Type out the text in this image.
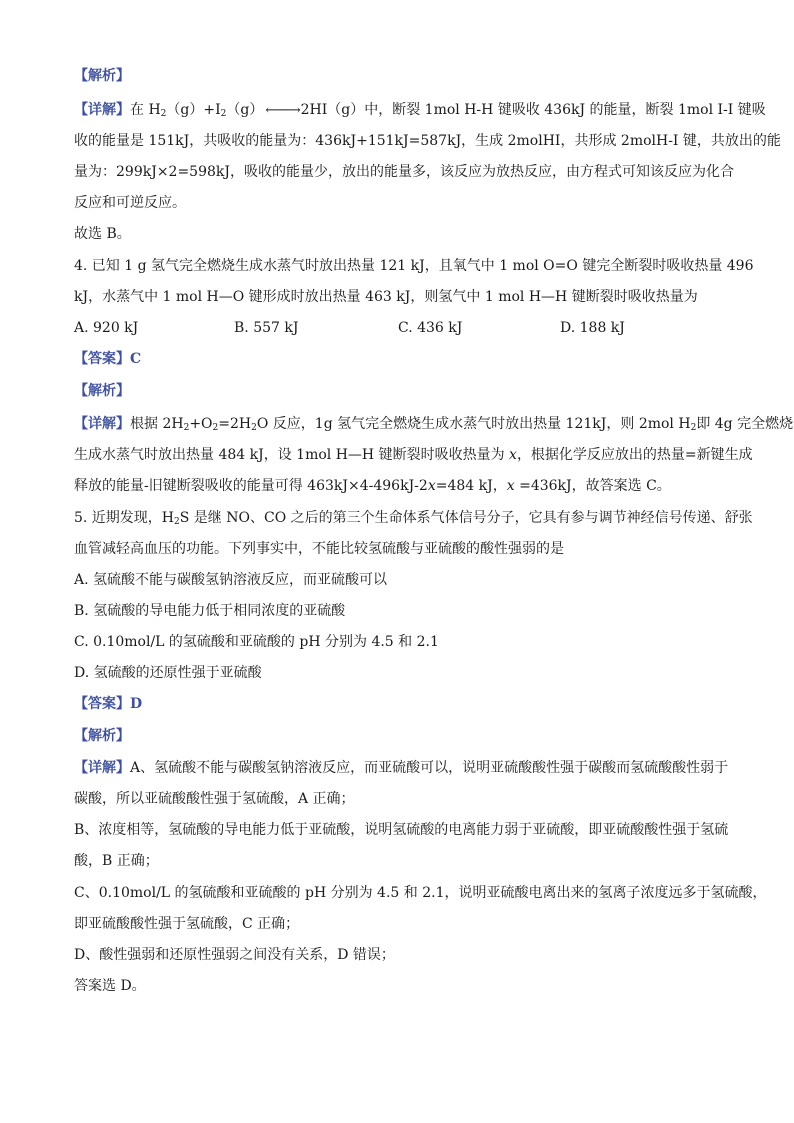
【解析】
【详解】在 $H_2(g)+I_2(g)$ ⟵⟶ 2HI（g）中，断裂 1mol H-H 键吸收 436kJ 的能量，断裂 1mol I-I 键吸
收的能量是 151kJ，共吸收的能量为：436kJ+151kJ=587kJ，生成 2molHI，共形成 2molH-I 键，共放出的能
量为：299kJ×2=598kJ，吸收的能量少，放出的能量多，该反应为放热反应，由方程式可知该反应为化合
反应和可逆反应。
故选 B。
4. 已知 1 g 氢气完全燃烧生成水蒸气时放出热量 121 kJ，且氧气中 1 mol O=O 键完全断裂时吸收热量 496
kJ，水蒸气中 1 mol H—O 键形成时放出热量 463 kJ，则氢气中 1 mol H—H 键断裂时吸收热量为
A. 920 kJ	B. 557 kJ	C. 436 kJ	D. 188 kJ
【答案】C
【解析】
【详解】根据 $2H_2+O_2=2H_2O$ 反应，1g 氢气完全燃烧生成水蒸气时放出热量 121kJ，则 2mol $H_2$即 4g 完全燃烧
生成水蒸气时放出热量 484 kJ，设 1mol H—H 键断裂时吸收热量为 x，根据化学反应放出的热量=新键生成
释放的能量-旧键断裂吸收的能量可得 463kJ×4-496kJ-2x=484 kJ，x =436kJ，故答案选 C。
5. 近期发现，$H_2S$ 是继 NO、CO 之后的第三个生命体系气体信号分子，它具有参与调节神经信号传递、舒张
血管减轻高血压的功能。下列事实中，不能比较氢硫酸与亚硫酸的酸性强弱的是
A. 氢硫酸不能与碳酸氢钠溶液反应，而亚硫酸可以
B. 氢硫酸的导电能力低于相同浓度的亚硫酸
C. 0.10mol/L 的氢硫酸和亚硫酸的 pH 分别为 4.5 和 2.1
D. 氢硫酸的还原性强于亚硫酸
【答案】D
【解析】
【详解】A、氢硫酸不能与碳酸氢钠溶液反应，而亚硫酸可以，说明亚硫酸酸性强于碳酸而氢硫酸酸性弱于
碳酸，所以亚硫酸酸性强于氢硫酸，A 正确；
B、浓度相等，氢硫酸的导电能力低于亚硫酸，说明氢硫酸的电离能力弱于亚硫酸，即亚硫酸酸性强于氢硫
酸，B 正确；
C、0.10mol/L 的氢硫酸和亚硫酸的 pH 分别为 4.5 和 2.1，说明亚硫酸电离出来的氢离子浓度远多于氢硫酸，
即亚硫酸酸性强于氢硫酸，C 正确；
D、酸性强弱和还原性强弱之间没有关系，D 错误；
答案选 D。
